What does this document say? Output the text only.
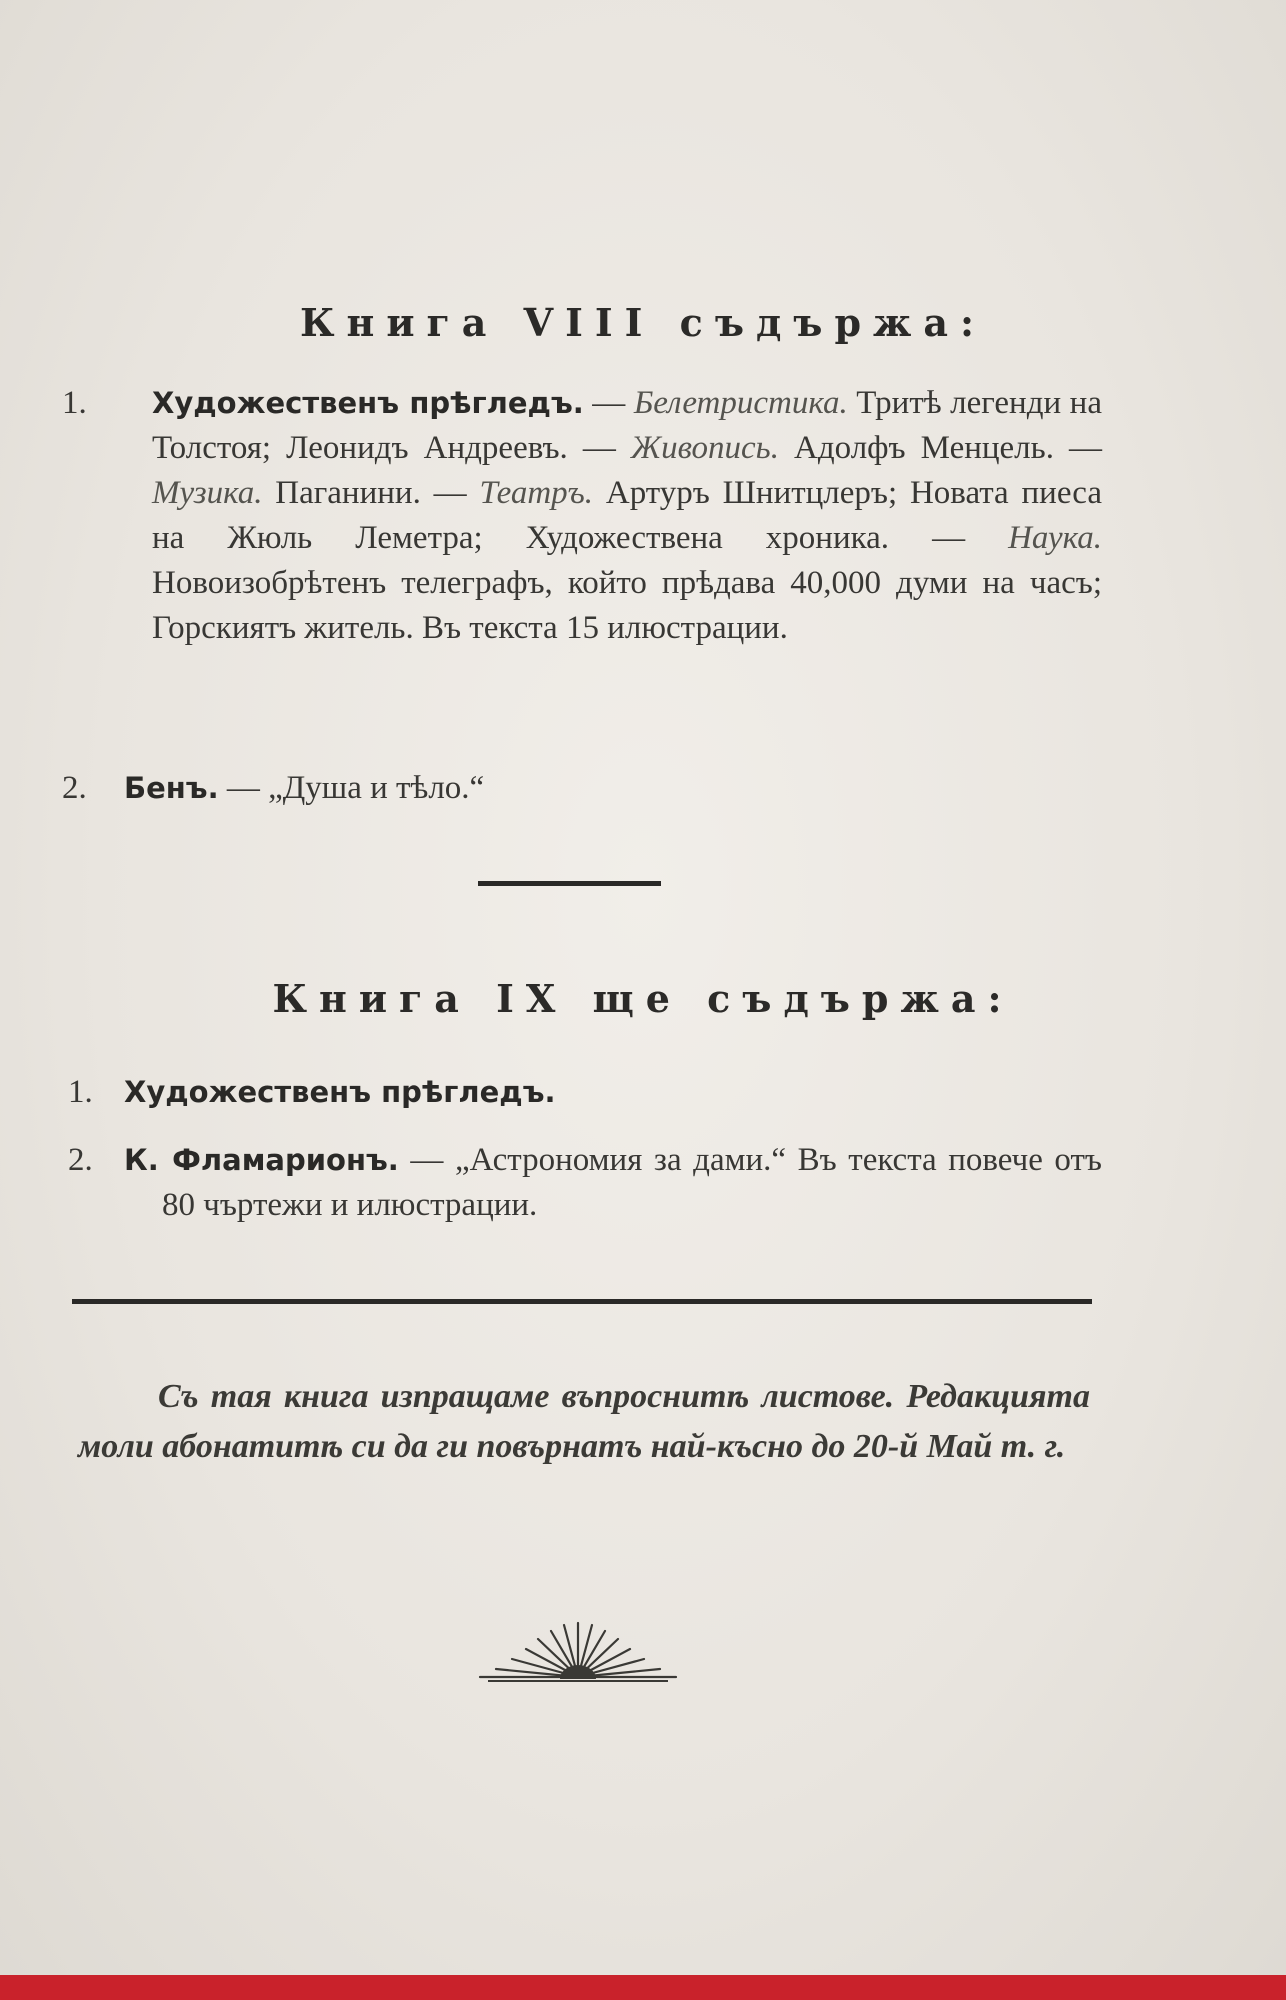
Книга VIII съдържа:
1.	Художественъ прѣгледъ. — Белетристика. Тритѣ легенди на Толстоя; Леонидъ Андреевъ. — Живопись. Адолфъ Менцель. — Музика. Паганини. — Театръ. Артуръ Шнитцлеръ; Новата пиеса на Жюль Леметра; Художествена хроника. — Наука. Новоизобрѣтенъ телеграфъ, който прѣдава 40,000 думи на часъ; Горскиятъ житель. Въ текста 15 илюстрации.
2.	Бенъ. — „Душа и тѣло.“
Книга IX ще съдържа:
1.	Художественъ прѣгледъ.
2.	К. Фламарионъ. — „Астрономия за дами.“ Въ текста повече отъ 80 чъртежи и илюстрации.
Съ тая книга изпращаме въпроснитѣ листове. Редакцията моли абонатитѣ си да ги повърнатъ най-късно до 20-й Май т. г.
